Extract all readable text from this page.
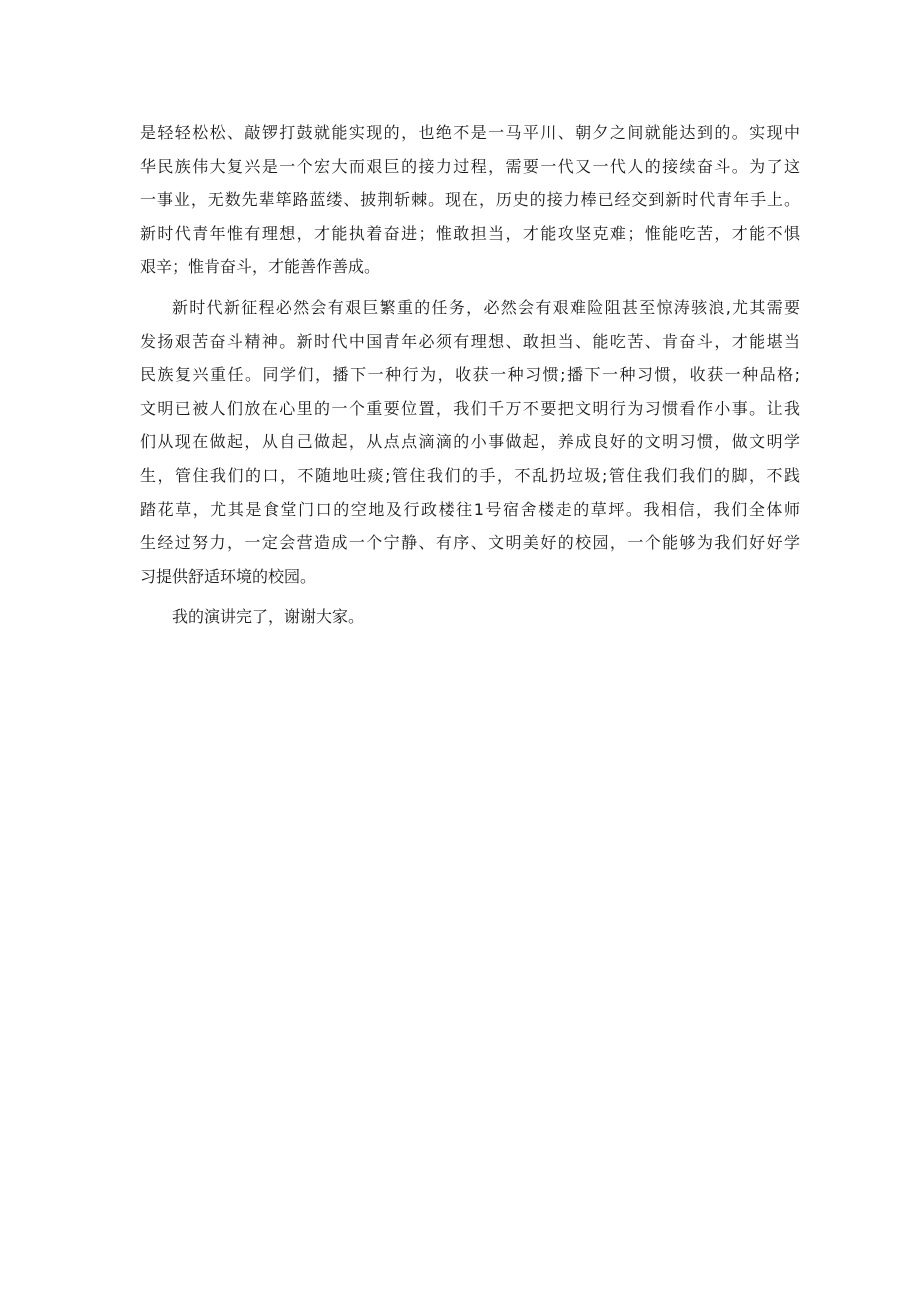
是轻轻松松、敲锣打鼓就能实现的，也绝不是一马平川、朝夕之间就能达到的。实现中
华民族伟大复兴是一个宏大而艰巨的接力过程，需要一代又一代人的接续奋斗。为了这
一事业，无数先辈筚路蓝缕、披荆斩棘。现在，历史的接力棒已经交到新时代青年手上。
新时代青年惟有理想，才能执着奋进；惟敢担当，才能攻坚克难；惟能吃苦，才能不惧
艰辛；惟肯奋斗，才能善作善成。

新时代新征程必然会有艰巨繁重的任务，必然会有艰难险阻甚至惊涛骇浪,尤其需要
发扬艰苦奋斗精神。新时代中国青年必须有理想、敢担当、能吃苦、肯奋斗，才能堪当
民族复兴重任。同学们，播下一种行为，收获一种习惯;播下一种习惯，收获一种品格;
文明已被人们放在心里的一个重要位置，我们千万不要把文明行为习惯看作小事。让我
们从现在做起，从自己做起，从点点滴滴的小事做起，养成良好的文明习惯，做文明学
生，管住我们的口，不随地吐痰;管住我们的手，不乱扔垃圾;管住我们我们的脚，不践
踏花草，尤其是食堂门口的空地及行政楼往1号宿舍楼走的草坪。我相信，我们全体师
生经过努力，一定会营造成一个宁静、有序、文明美好的校园，一个能够为我们好好学
习提供舒适环境的校园。

我的演讲完了，谢谢大家。
